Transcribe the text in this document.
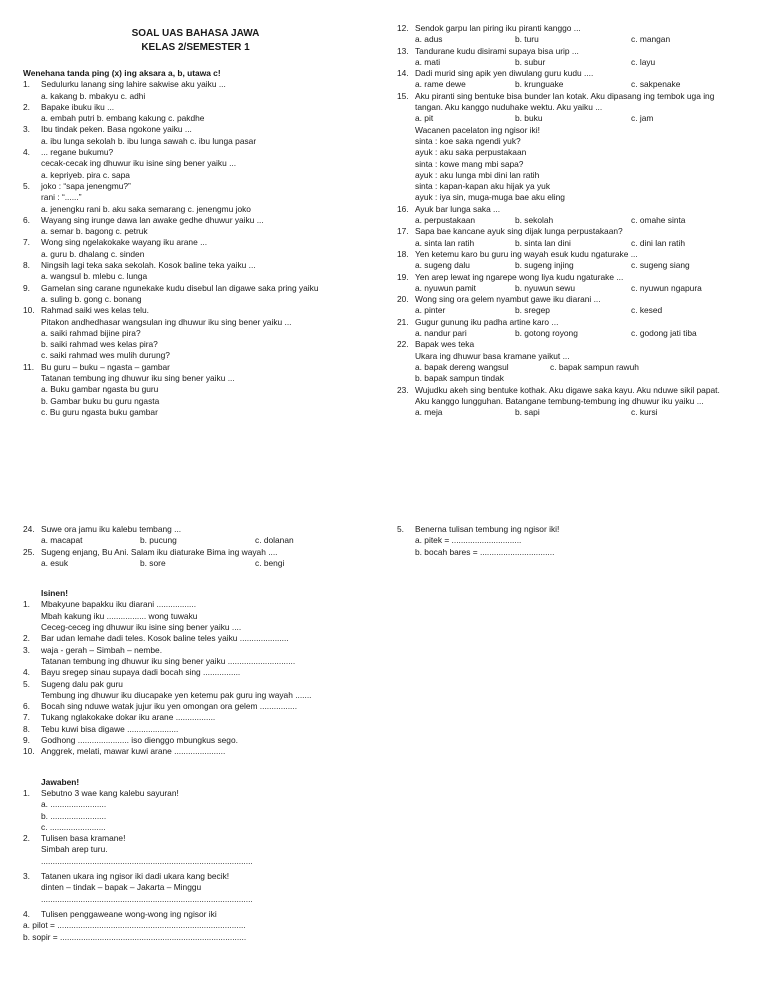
SOAL UAS BAHASA JAWA
KELAS 2/SEMESTER 1
Wenehana tanda ping (x) ing aksara a, b, utawa c!
1. Sedulurku lanang sing lahire sakwise aku yaiku ...
a. kakang b. mbakyu c. adhi
2. Bapake ibuku iku ...
a. embah putri b. embang kakung c. pakdhe
3. Ibu tindak peken. Basa ngokone yaiku ...
a. ibu lunga sekolah b. ibu lunga sawah c. ibu lunga pasar
4. ... regane bukumu?
cecak-cecak ing dhuwur iku isine sing bener yaiku ...
a. kepriyeb. pira c. sapa
5. joko : “sapa jenengmu?”
rani : “......”
a. jenengku rani b. aku saka semarang c. jenengmu joko
6. Wayang sing irunge dawa lan awake gedhe dhuwur yaiku ...
a. semar b. bagong c. petruk
7. Wong sing ngelakokake wayang iku arane ...
a. guru b. dhalang c. sinden
8. Ningsih lagi teka saka sekolah. Kosok baline teka yaiku ...
a. wangsul b. mlebu c. lunga
9. Gamelan sing carane ngunekake kudu disebul lan digawe saka pring yaiku
a. suling b. gong c. bonang
10. Rahmad saiki wes kelas telu.
Pitakon andhedhasar wangsulan ing dhuwur iku sing bener yaiku ...
a. saiki rahmad bijine pira?
b. saiki rahmad wes kelas pira?
c. saiki rahmad wes mulih durung?
11. Bu guru – buku – ngasta – gambar
Tatanan tembung ing dhuwur iku sing bener yaiku ...
a. Buku gambar ngasta bu guru
b. Gambar buku bu guru ngasta
c. Bu guru ngasta buku gambar
12. Sendok garpu lan piring iku piranti kanggo ...
a. adus	b. turu	c. mangan
13. Tandurane kudu disirami supaya bisa urip ...
a. mati	b. subur	c. layu
14. Dadi murid sing apik yen diwulang guru kudu ....
a. rame dewe	b. krunguake	c. sakpenake
15. Aku piranti sing bentuke bisa bunder lan kotak. Aku dipasang ing tembok uga ing
tangan. Aku kanggo nuduhake wektu. Aku yaiku ...
a. pit	b. buku	c. jam
Wacanen pacelaton ing ngisor iki!
sinta : koe saka ngendi yuk?
ayuk : aku saka perpustakaan
sinta : kowe mang mbi sapa?
ayuk : aku lunga mbi dini lan ratih
sinta : kapan-kapan aku hijak ya yuk
ayuk : iya sin, muga-muga bae aku eling
16. Ayuk bar lunga saka ...
a. perpustakaan	b. sekolah	c. omahe sinta
17. Sapa bae kancane ayuk sing dijak lunga perpustakaan?
a. sinta lan ratih	b. sinta lan dini	c. dini lan ratih
18. Yen ketemu karo bu guru ing wayah esuk kudu ngaturake ...
a. sugeng dalu	b. sugeng injing	c. sugeng siang
19. Yen arep lewat ing ngarepe wong liya kudu ngaturake ...
a. nyuwun pamit	b. nyuwun sewu	c. nyuwun ngapura
20. Wong sing ora gelem nyambut gawe iku diarani ...
a. pinter	b. sregep	c. kesed
21. Gugur gunung iku padha artine karo ...
a. nandur pari	b. gotong royong	c. godong jati tiba
22. Bapak wes teka
Ukara ing dhuwur basa kramane yaikut ...
a. bapak dereng wangsul	c. bapak sampun rawuh
b. bapak sampun tindak
23. Wujudku akeh sing bentuke kothak. Aku digawe saka kayu. Aku nduwe sikil papat.
Aku kanggo lungguhan. Batangane tembung-tembung ing dhuwur iku yaiku ...
a. meja	b. sapi	c. kursi
24. Suwe ora jamu iku kalebu tembang ...
a. macapat	b. pucung	c. dolanan
25. Sugeng enjang, Bu Ani. Salam iku diaturake Bima ing wayah ....
a. esuk	b. sore	c. bengi
Isinen!
1. Mbakyune bapakku iku diarani .................
Mbah kakung iku ................. wong tuwaku
Ceceg-ceceg ing dhuwur iku isine sing bener yaiku ....
2. Bar udan lemahe dadi teles. Kosok baline teles yaiku .....................
3. waja - gerah – Simbah – nembe.
Tatanan tembung ing dhuwur iku sing bener yaiku .............................
4. Bayu sregep sinau supaya dadi bocah sing ................
5. Sugeng dalu pak guru
Tembung ing dhuwur iku diucapake yen ketemu pak guru ing wayah .......
6. Bocah sing nduwe watak jujur iku yen omongan ora gelem ................
7. Tukang nglakokake dokar iku arane .................
8. Tebu kuwi bisa digawe ......................
9. Godhong ...................... iso dienggo mbungkus sego.
10. Anggrek, melati, mawar kuwi arane ......................
Jawaben!
1. Sebutno 3 wae kang kalebu sayuran!
a. ........................
b. ........................
c. ........................
2. Tulisen basa kramane!
Simbah arep turu.
...........................................................................................
3. Tatanen ukara ing ngisor iki dadi ukara kang becik!
dinten – tindak – bapak – Jakarta – Minggu
...........................................................................................
4. Tulisen penggaweane wong-wong ing ngisor iki
a. pilot = .................................................................................
b. sopir = ................................................................................
5. Benerna tulisan tembung ing ngisor iki!
a. pitek = ..............................
b. bocah bares = ................................
